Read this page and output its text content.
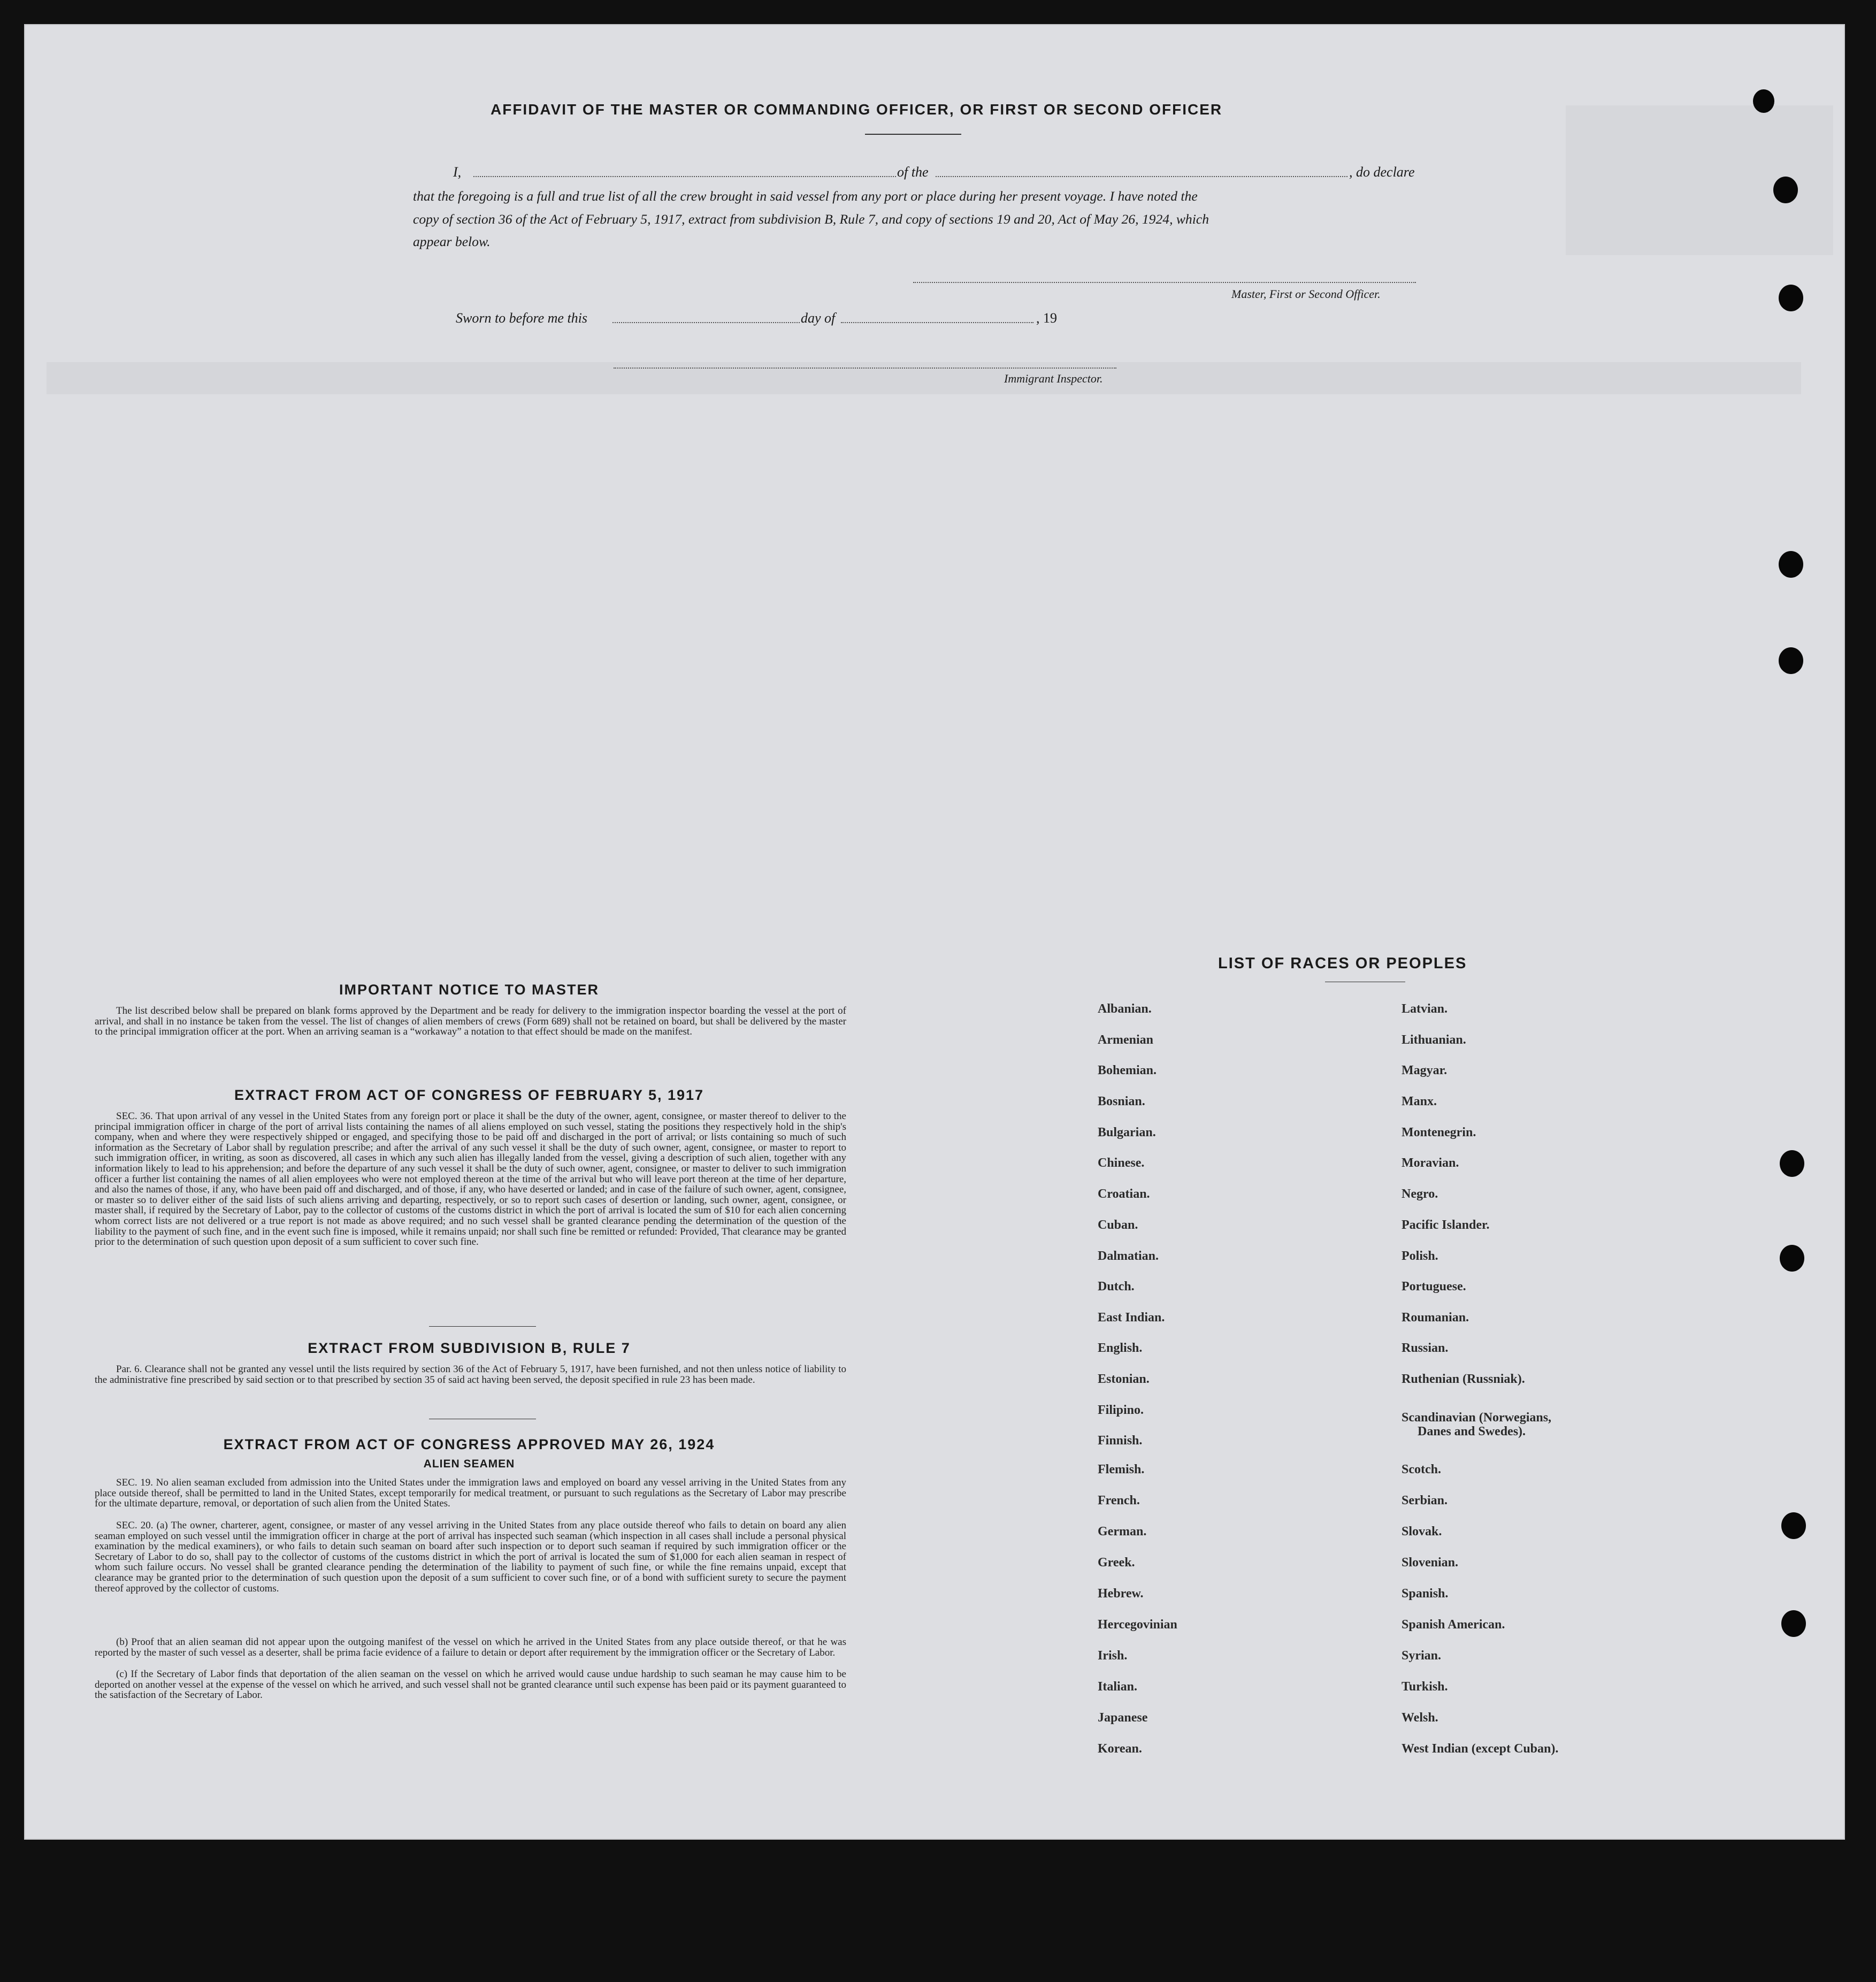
AFFIDAVIT OF THE MASTER OR COMMANDING OFFICER, OR FIRST OR SECOND OFFICER
I,	of the	, do declare
that the foregoing is a full and true list of all the crew brought in said vessel from any port or place during her present voyage. I have noted the
copy of section 36 of the Act of February 5, 1917, extract from subdivision B, Rule 7, and copy of sections 19 and 20, Act of May 26, 1924, which
appear below.
Master, First or Second Officer.
Sworn to before me this	day of	, 19
Immigrant Inspector.
IMPORTANT NOTICE TO MASTER
The list described below shall be prepared on blank forms approved by the Department and be ready for delivery to the immigration inspector boarding the vessel at the port of arrival, and shall in no instance be taken from the vessel. The list of changes of alien members of crews (Form 689) shall not be retained on board, but shall be delivered by the master to the principal immigration officer at the port. When an arriving seaman is a “workaway” a notation to that effect should be made on the manifest.
EXTRACT FROM ACT OF CONGRESS OF FEBRUARY 5, 1917
SEC. 36. That upon arrival of any vessel in the United States from any foreign port or place it shall be the duty of the owner, agent, consignee, or master thereof to deliver to the principal immigration officer in charge of the port of arrival lists containing the names of all aliens employed on such vessel, stating the positions they respectively hold in the ship's company, when and where they were respectively shipped or engaged, and specifying those to be paid off and discharged in the port of arrival; or lists containing so much of such information as the Secretary of Labor shall by regulation prescribe; and after the arrival of any such vessel it shall be the duty of such owner, agent, consignee, or master to report to such immigration officer, in writing, as soon as discovered, all cases in which any such alien has illegally landed from the vessel, giving a description of such alien, together with any information likely to lead to his apprehension; and before the departure of any such vessel it shall be the duty of such owner, agent, consignee, or master to deliver to such immigration officer a further list containing the names of all alien employees who were not employed thereon at the time of the arrival but who will leave port thereon at the time of her departure, and also the names of those, if any, who have been paid off and discharged, and of those, if any, who have deserted or landed; and in case of the failure of such owner, agent, consignee, or master so to deliver either of the said lists of such aliens arriving and departing, respectively, or so to report such cases of desertion or landing, such owner, agent, consignee, or master shall, if required by the Secretary of Labor, pay to the collector of customs of the customs district in which the port of arrival is located the sum of $10 for each alien concerning whom correct lists are not delivered or a true report is not made as above required; and no such vessel shall be granted clearance pending the determination of the question of the liability to the payment of such fine, and in the event such fine is imposed, while it remains unpaid; nor shall such fine be remitted or refunded: Provided, That clearance may be granted prior to the determination of such question upon deposit of a sum sufficient to cover such fine.
EXTRACT FROM SUBDIVISION B, RULE 7
Par. 6. Clearance shall not be granted any vessel until the lists required by section 36 of the Act of February 5, 1917, have been furnished, and not then unless notice of liability to the administrative fine prescribed by said section or to that prescribed by section 35 of said act having been served, the deposit specified in rule 23 has been made.
EXTRACT FROM ACT OF CONGRESS APPROVED MAY 26, 1924
ALIEN SEAMEN
SEC. 19. No alien seaman excluded from admission into the United States under the immigration laws and employed on board any vessel arriving in the United States from any place outside thereof, shall be permitted to land in the United States, except temporarily for medical treatment, or pursuant to such regulations as the Secretary of Labor may prescribe for the ultimate departure, removal, or deportation of such alien from the United States.
SEC. 20. (a) The owner, charterer, agent, consignee, or master of any vessel arriving in the United States from any place outside thereof who fails to detain on board any alien seaman employed on such vessel until the immigration officer in charge at the port of arrival has inspected such seaman (which inspection in all cases shall include a personal physical examination by the medical examiners), or who fails to detain such seaman on board after such inspection or to deport such seaman if required by such immigration officer or the Secretary of Labor to do so, shall pay to the collector of customs of the customs district in which the port of arrival is located the sum of $1,000 for each alien seaman in respect of whom such failure occurs. No vessel shall be granted clearance pending the determination of the liability to payment of such fine, or while the fine remains unpaid, except that clearance may be granted prior to the determination of such question upon the deposit of a sum sufficient to cover such fine, or of a bond with sufficient surety to secure the payment thereof approved by the collector of customs.
(b) Proof that an alien seaman did not appear upon the outgoing manifest of the vessel on which he arrived in the United States from any place outside thereof, or that he was reported by the master of such vessel as a deserter, shall be prima facie evidence of a failure to detain or deport after requirement by the immigration officer or the Secretary of Labor.
(c) If the Secretary of Labor finds that deportation of the alien seaman on the vessel on which he arrived would cause undue hardship to such seaman he may cause him to be deported on another vessel at the expense of the vessel on which he arrived, and such vessel shall not be granted clearance until such expense has been paid or its payment guaranteed to the satisfaction of the Secretary of Labor.
LIST OF RACES OR PEOPLES
Albanian.
Armenian
Bohemian.
Bosnian.
Bulgarian.
Chinese.
Croatian.
Cuban.
Dalmatian.
Dutch.
East Indian.
English.
Estonian.
Filipino.
Finnish.
Flemish.
French.
German.
Greek.
Hebrew.
Hercegovinian
Irish.
Italian.
Japanese
Korean.
Latvian.
Lithuanian.
Magyar.
Manx.
Montenegrin.
Moravian.
Negro.
Pacific Islander.
Polish.
Portuguese.
Roumanian.
Russian.
Ruthenian (Russniak).
Scandinavian (Norwegians,
Danes and Swedes).
Scotch.
Serbian.
Slovak.
Slovenian.
Spanish.
Spanish American.
Syrian.
Turkish.
Welsh.
West Indian (except Cuban).
